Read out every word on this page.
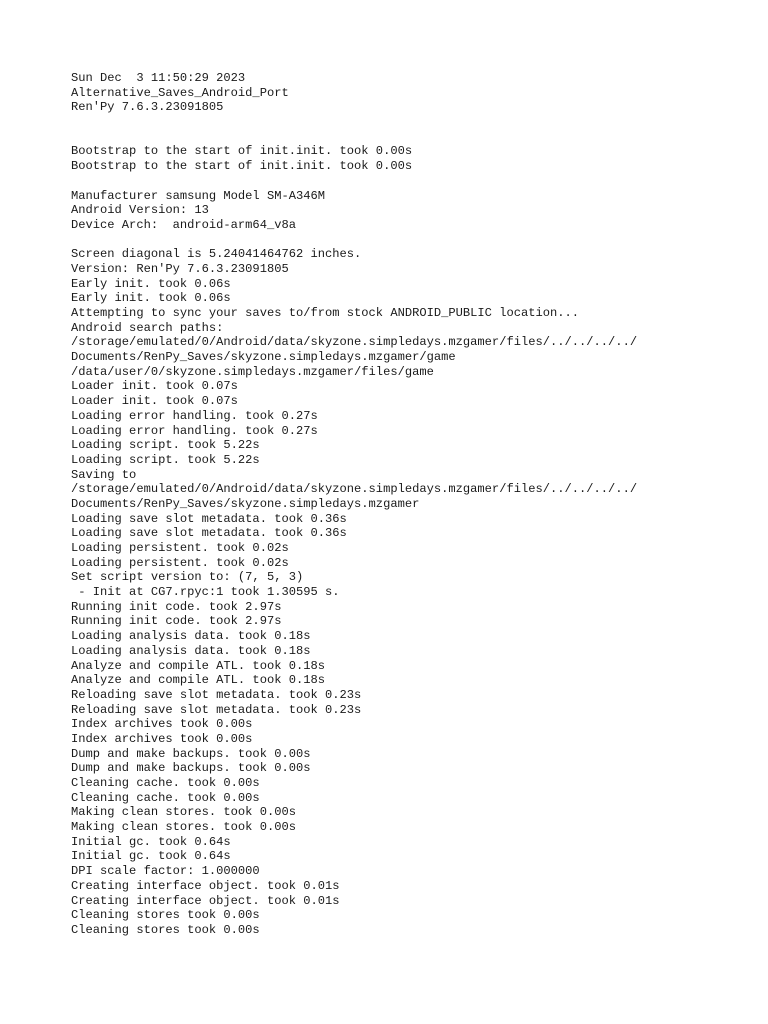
Sun Dec  3 11:50:29 2023

Alternative_Saves_Android_Port

Ren'Py 7.6.3.23091805

Bootstrap to the start of init.init. took 0.00s

Bootstrap to the start of init.init. took 0.00s

Manufacturer samsung Model SM-A346M

Android Version: 13

Device Arch:  android-arm64_v8a

Screen diagonal is 5.24041464762 inches.

Version: Ren'Py 7.6.3.23091805

Early init. took 0.06s

Early init. took 0.06s

Attempting to sync your saves to/from stock ANDROID_PUBLIC location...

Android search paths:

/storage/emulated/0/Android/data/skyzone.simpledays.mzgamer/files/../../../../

Documents/RenPy_Saves/skyzone.simpledays.mzgamer/game

/data/user/0/skyzone.simpledays.mzgamer/files/game

Loader init. took 0.07s

Loader init. took 0.07s

Loading error handling. took 0.27s

Loading error handling. took 0.27s

Loading script. took 5.22s

Loading script. took 5.22s

Saving to

/storage/emulated/0/Android/data/skyzone.simpledays.mzgamer/files/../../../../

Documents/RenPy_Saves/skyzone.simpledays.mzgamer

Loading save slot metadata. took 0.36s

Loading save slot metadata. took 0.36s

Loading persistent. took 0.02s

Loading persistent. took 0.02s

Set script version to: (7, 5, 3)

- Init at CG7.rpyc:1 took 1.30595 s.

Running init code. took 2.97s

Running init code. took 2.97s

Loading analysis data. took 0.18s

Loading analysis data. took 0.18s

Analyze and compile ATL. took 0.18s

Analyze and compile ATL. took 0.18s

Reloading save slot metadata. took 0.23s

Reloading save slot metadata. took 0.23s

Index archives took 0.00s

Index archives took 0.00s

Dump and make backups. took 0.00s

Dump and make backups. took 0.00s

Cleaning cache. took 0.00s

Cleaning cache. took 0.00s

Making clean stores. took 0.00s

Making clean stores. took 0.00s

Initial gc. took 0.64s

Initial gc. took 0.64s

DPI scale factor: 1.000000

Creating interface object. took 0.01s

Creating interface object. took 0.01s

Cleaning stores took 0.00s

Cleaning stores took 0.00s
